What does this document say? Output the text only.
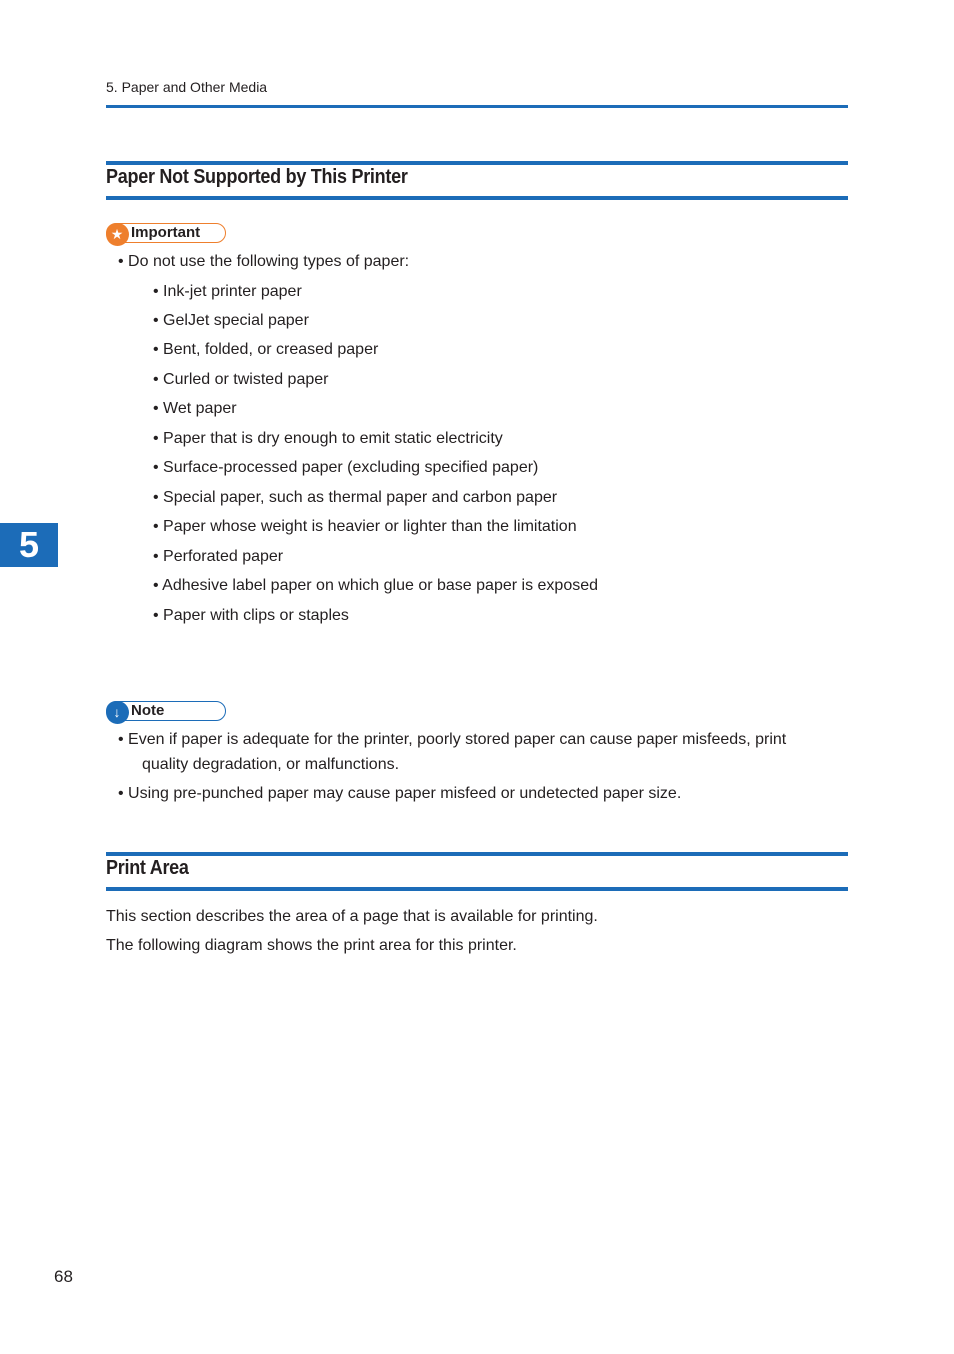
5. Paper and Other Media
Paper Not Supported by This Printer
★ Important
• Do not use the following types of paper:
• Ink-jet printer paper
• GelJet special paper
• Bent, folded, or creased paper
• Curled or twisted paper
• Wet paper
• Paper that is dry enough to emit static electricity
• Surface-processed paper (excluding specified paper)
• Special paper, such as thermal paper and carbon paper
• Paper whose weight is heavier or lighter than the limitation
• Perforated paper
• Adhesive label paper on which glue or base paper is exposed
• Paper with clips or staples
↓ Note
• Even if paper is adequate for the printer, poorly stored paper can cause paper misfeeds, print
quality degradation, or malfunctions.
• Using pre-punched paper may cause paper misfeed or undetected paper size.
Print Area
This section describes the area of a page that is available for printing.
The following diagram shows the print area for this printer.
5
68
